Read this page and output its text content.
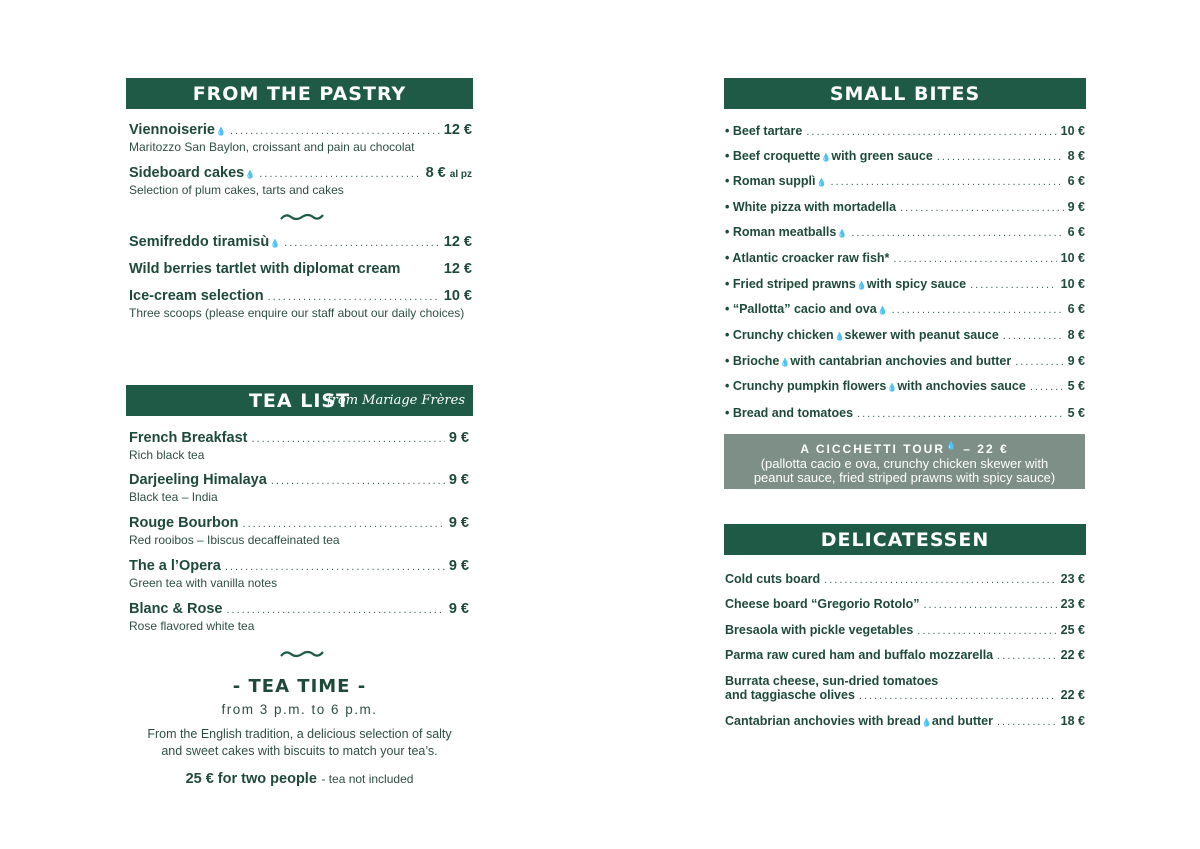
FROM THE PASTRY
Viennoiserie 💧 .....	12 €
Maritozzo San Baylon, croissant and pain au chocolat
Sideboard cakes 💧 .....	8 € al pz
Selection of plum cakes, tarts and cakes
Semifreddo tiramisù 💧 .....	12 €
Wild berries tartlet with diplomat cream	12 €
Ice-cream selection .....	10 €
Three scoops (please enquire our staff about our daily choices)
TEA LIST
from Mariage Frères
French Breakfast .....	9 €
Rich black tea
Darjeeling Himalaya .....	9 €
Black tea – India
Rouge Bourbon .....	9 €
Red rooibos – Ibiscus decaffeinated tea
The a l’Opera .....	9 €
Green tea with vanilla notes
Blanc & Rose .....	9 €
Rose flavored white tea
- TEA TIME -
from 3 p.m. to 6 p.m.
From the English tradition, a delicious selection of salty
and sweet cakes with biscuits to match your tea’s.
25 € for two people - tea not included
SMALL BITES
• Beef tartare .....	10 €
• Beef croquette 💧 with green sauce .....	8 €
• Roman supplì 💧 .....	6 €
• White pizza with mortadella .....	9 €
• Roman meatballs 💧 .....	6 €
• Atlantic croacker raw fish* .....	10 €
• Fried striped prawns 💧 with spicy sauce .....	10 €
• “Pallotta” cacio and ova 💧 .....	6 €
• Crunchy chicken 💧 skewer with peanut sauce .....	8 €
• Brioche 💧 with cantabrian anchovies and butter .....	9 €
• Crunchy pumpkin flowers 💧 with anchovies sauce .....	5 €
• Bread and tomatoes .....	5 €
A CICCHETTI TOUR💧 – 22 €
(pallotta cacio e ova, crunchy chicken skewer with
peanut sauce, fried striped prawns with spicy sauce)
DELICATESSEN
Cold cuts board .....	23 €
Cheese board “Gregorio Rotolo” .....	23 €
Bresaola with pickle vegetables .....	25 €
Parma raw cured ham and buffalo mozzarella .....	22 €
Burrata cheese, sun-dried tomatoes
and taggiasche olives .....	22 €
Cantabrian anchovies with bread 💧 and butter .....	18 €
